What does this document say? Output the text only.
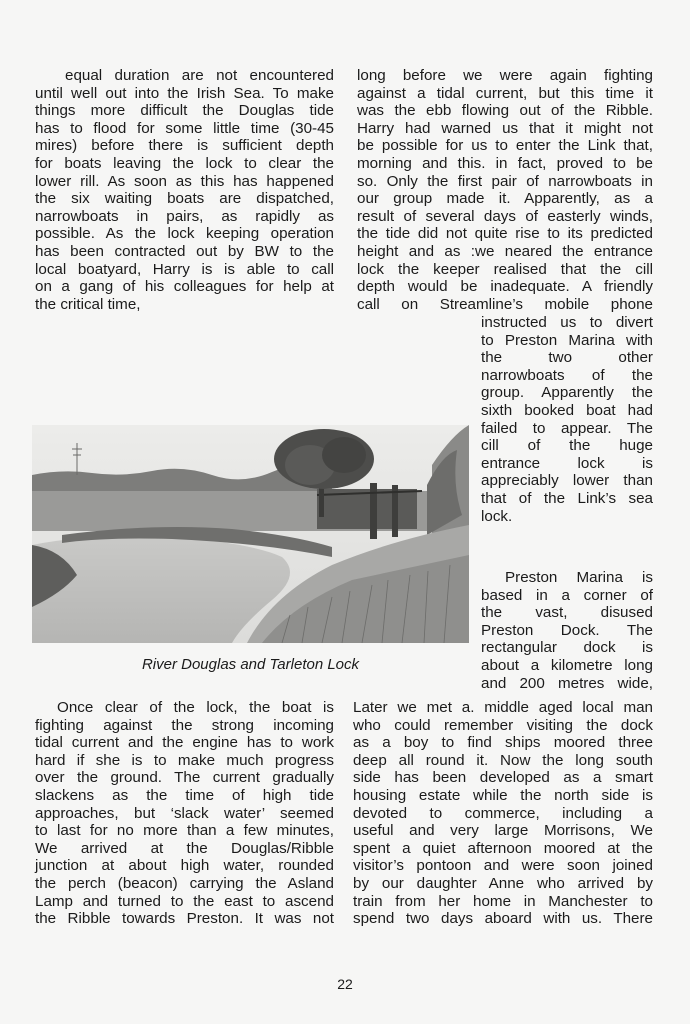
equal duration are not encountered
until well out into the Irish Sea. To make
things more difficult the Douglas tide
has to flood for some little time (30-45
mires) before there is sufficient depth
for boats leaving the lock to clear the
lower rill. As soon as this has happened
the six waiting boats are dispatched,
narrowboats in pairs, as rapidly as
possible. As the lock keeping operation
has been contracted out by BW to the
local boatyard, Harry is is able to call
on a gang of his colleagues for help at
the critical time,
long before we were again fighting
against a tidal current, but this time it
was the ebb flowing out of the Ribble.
Harry had warned us that it might not
be possible for us to enter the Link that,
morning and this. in fact, proved to be
so. Only the first pair of narrowboats in
our group made it. Apparently, as a
result of several days of easterly winds,
the tide did not quite rise to its predicted
height and as :we neared the entrance
lock the keeper realised that the cill
depth would be inadequate. A friendly
call on Streamline’s mobile phone
instructed us to divert
to Preston Marina with
the two other
narrowboats of the
group. Apparently the
sixth booked boat had
failed to appear. The
cill of the huge
entrance lock is
appreciably lower than
that of the Link’s sea
lock.
Preston Marina is
based in a corner of
the vast, disused
Preston Dock. The
rectangular dock is
about a kilometre long
and 200 metres wide,
River Douglas and Tarleton Lock
Once clear of the lock, the boat is
fighting against the strong incoming
tidal current and the engine has to work
hard if she is to make much progress
over the ground. The current gradually
slackens as the time of high tide
approaches, but ‘slack water’ seemed
to last for no more than a few minutes,
We arrived at the Douglas/Ribble
junction at about high water, rounded
the perch (beacon) carrying the Asland
Lamp and turned to the east to ascend
the Ribble towards Preston. It was not
Later we met a. middle aged local man
who could remember visiting the dock
as a boy to find ships moored three
deep all round it. Now the long south
side has been developed as a smart
housing estate while the north side is
devoted to commerce, including a
useful and very large Morrisons, We
spent a quiet afternoon moored at the
visitor’s pontoon and were soon joined
by our daughter Anne who arrived by
train from her home in Manchester to
spend two days aboard with us. There
22
